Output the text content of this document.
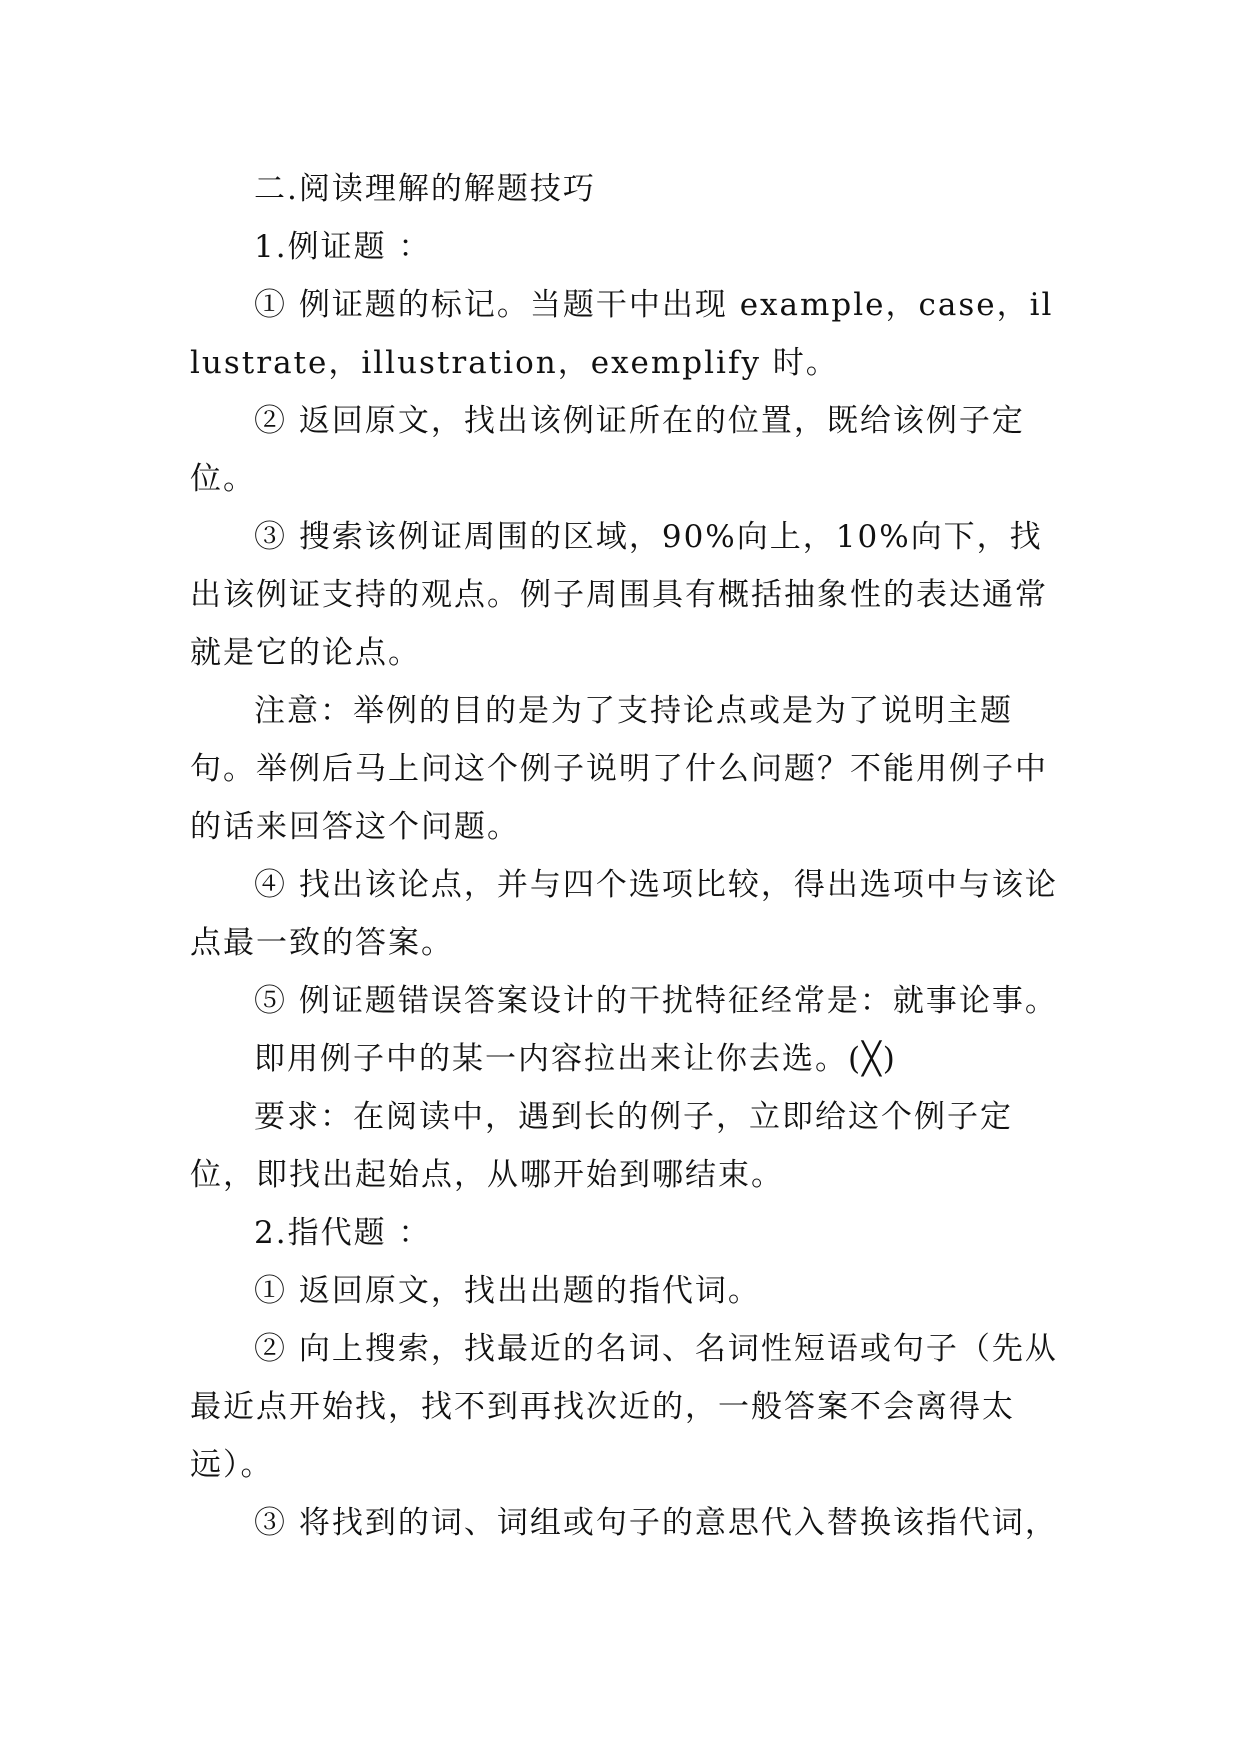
二.阅读理解的解题技巧

1.例证题 ：

① 例证题的标记。当题干中出现 example，case，illustrate，illustration，exemplify 时。

② 返回原文，找出该例证所在的位置，既给该例子定位。

③ 搜索该例证周围的区域，90%向上，10%向下，找出该例证支持的观点。例子周围具有概括抽象性的表达通常就是它的论点。

注意：举例的目的是为了支持论点或是为了说明主题句。举例后马上问这个例子说明了什么问题？不能用例子中的话来回答这个问题。

④ 找出该论点，并与四个选项比较，得出选项中与该论点最一致的答案。

⑤ 例证题错误答案设计的干扰特征经常是：就事论事。

即用例子中的某一内容拉出来让你去选。(╳)

要求：在阅读中，遇到长的例子，立即给这个例子定位，即找出起始点，从哪开始到哪结束。

2.指代题 ：

① 返回原文，找出出题的指代词。

② 向上搜索，找最近的名词、名词性短语或句子（先从最近点开始找，找不到再找次近的，一般答案不会离得太远）。

③ 将找到的词、词组或句子的意思代入替换该指代词，
